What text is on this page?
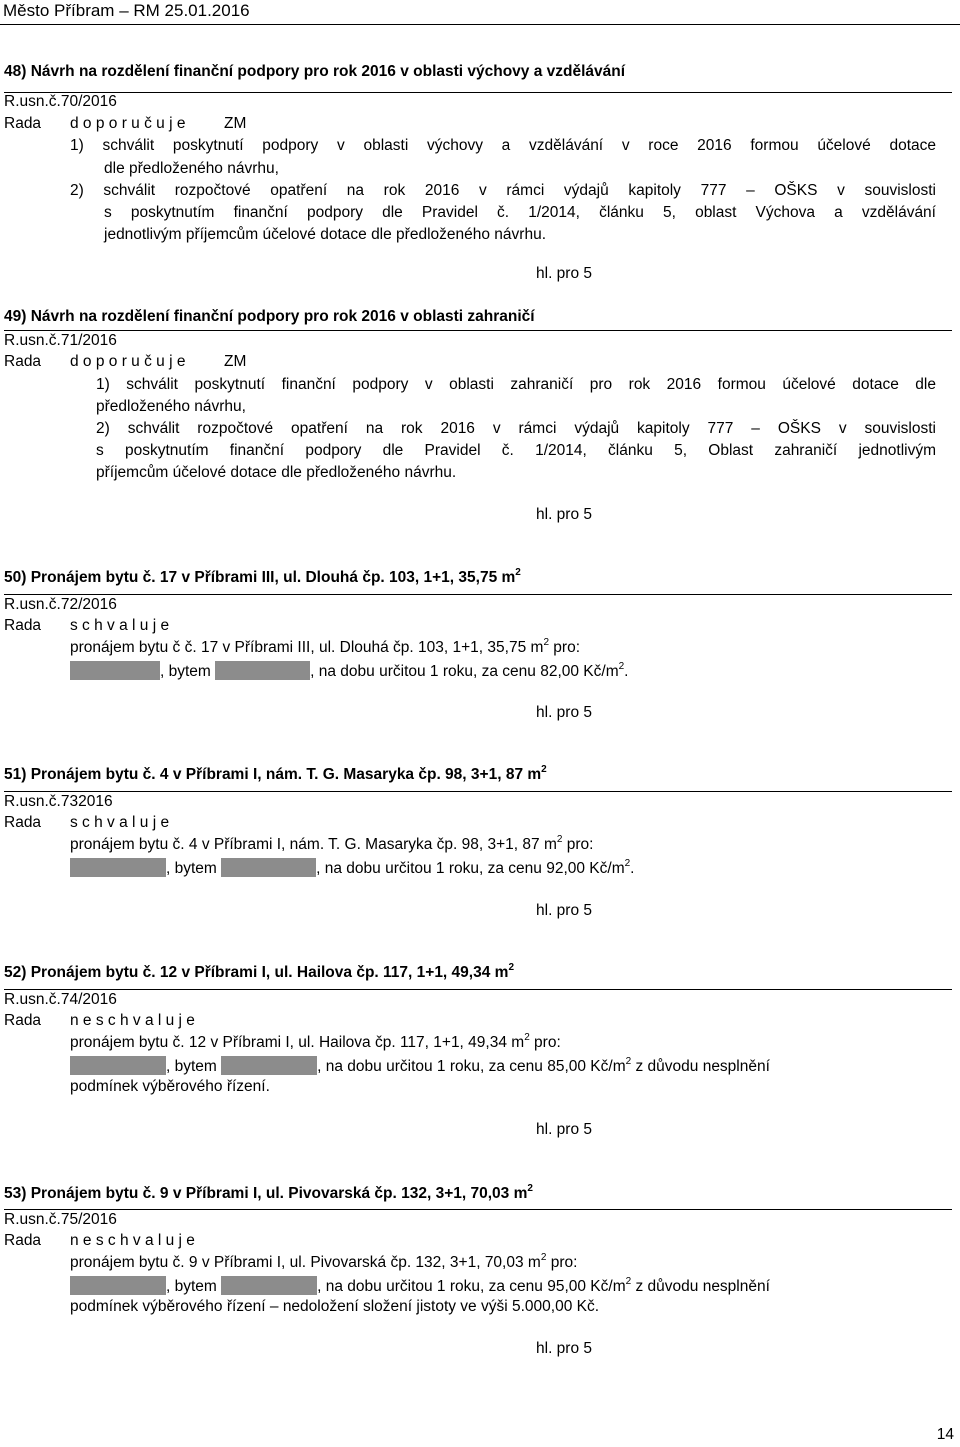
Město Příbram – RM 25.01.2016
48) Návrh na rozdělení finanční podpory pro rok 2016 v oblasti výchovy a vzdělávání
R.usn.č.70/2016
Rada d o p o r u č u j e ZM
1) schválit poskytnutí podpory v oblasti výchovy a vzdělávání v roce 2016 formou účelové dotace
dle předloženého návrhu,
2) schválit rozpočtové opatření na rok 2016 v rámci výdajů kapitoly 777 – OŠKS v souvislosti
s poskytnutím finanční podpory dle Pravidel č. 1/2014, článku 5, oblast Výchova a vzdělávání
jednotlivým příjemcům účelové dotace dle předloženého návrhu.
hl. pro 5
49) Návrh na rozdělení finanční podpory pro rok 2016 v oblasti zahraničí
R.usn.č.71/2016
Rada d o p o r u č u j e ZM
1) schválit poskytnutí finanční podpory v oblasti zahraničí pro rok 2016 formou účelové dotace dle
předloženého návrhu,
2) schválit rozpočtové opatření na rok 2016 v rámci výdajů kapitoly 777 – OŠKS v souvislosti
s poskytnutím finanční podpory dle Pravidel č. 1/2014, článku 5, Oblast zahraničí jednotlivým
příjemcům účelové dotace dle předloženého návrhu.
hl. pro 5
50) Pronájem bytu č. 17 v Příbrami III, ul. Dlouhá čp. 103, 1+1, 35,75 $m^2$
R.usn.č.72/2016
Rada s c h v a l u j e
pronájem bytu č č. 17 v Příbrami III, ul. Dlouhá čp. 103, 1+1, 35,75 $m^2$ pro:
, bytem	, na dobu určitou 1 roku, za cenu 82,00 $Kč/m^2$.
hl. pro 5
51) Pronájem bytu č. 4 v Příbrami I, nám. T. G. Masaryka čp. 98, 3+1, 87 $m^2$
R.usn.č.732016
Rada s c h v a l u j e
pronájem bytu č. 4 v Příbrami I, nám. T. G. Masaryka čp. 98, 3+1, 87 $m^2$ pro:
, bytem	, na dobu určitou 1 roku, za cenu 92,00 $Kč/m^2$.
hl. pro 5
52) Pronájem bytu č. 12 v Příbrami I, ul. Hailova čp. 117, 1+1, 49,34 $m^2$
R.usn.č.74/2016
Rada n e s c h v a l u j e
pronájem bytu č. 12 v Příbrami I, ul. Hailova čp. 117, 1+1, 49,34 $m^2$ pro:
, bytem	, na dobu určitou 1 roku, za cenu 85,00 $Kč/m^2$ z důvodu nesplnění
podmínek výběrového řízení.
hl. pro 5
53) Pronájem bytu č. 9 v Příbrami I, ul. Pivovarská čp. 132, 3+1, 70,03 $m^2$
R.usn.č.75/2016
Rada n e s c h v a l u j e
pronájem bytu č. 9 v Příbrami I, ul. Pivovarská čp. 132, 3+1, 70,03 $m^2$ pro:
, bytem	, na dobu určitou 1 roku, za cenu 95,00 $Kč/m^2$ z důvodu nesplnění
podmínek výběrového řízení – nedoložení složení jistoty ve výši 5.000,00 Kč.
hl. pro 5
14
